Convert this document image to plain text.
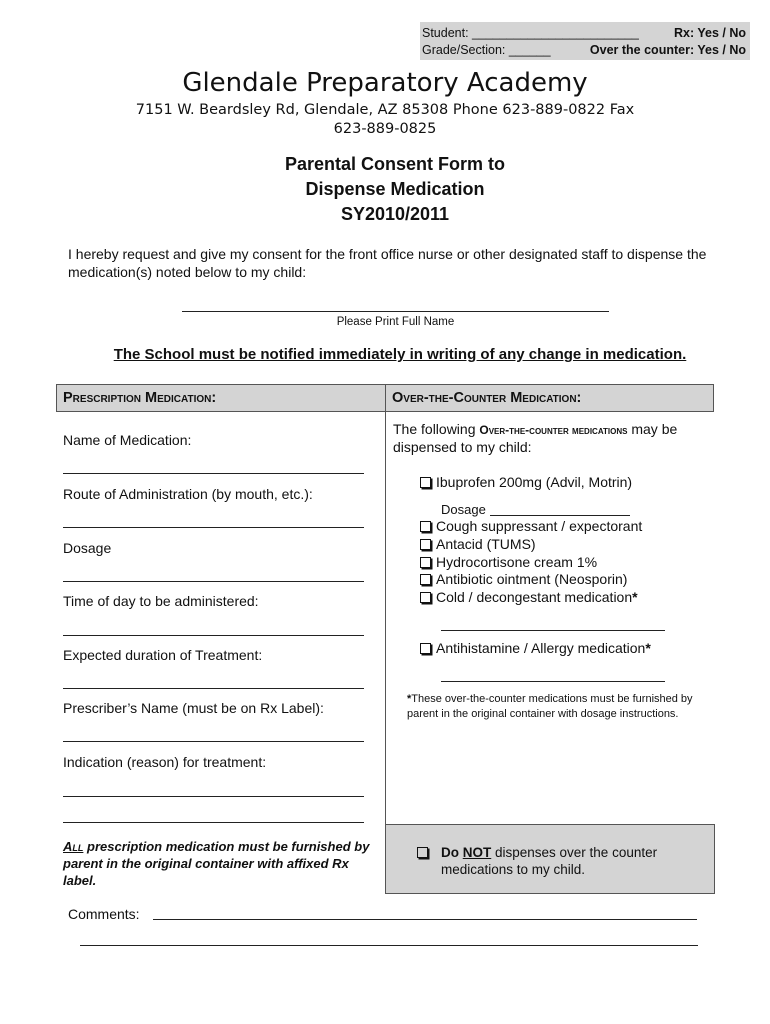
Student: ________________________	Rx: Yes / No
Grade/Section: ______	Over the counter: Yes / No
Glendale Preparatory Academy
7151 W. Beardsley Rd, Glendale, AZ 85308 Phone 623-889-0822 Fax
623-889-0825
Parental Consent Form to
Dispense Medication
SY2010/2011
I hereby request and give my consent for the front office nurse or other designated staff to dispense the medication(s) noted below to my child:
Please Print Full Name
The School must be notified immediately in writing of any change in medication.
Prescription Medication:	Over-the-Counter Medication:
Name of Medication:
Route of Administration (by mouth, etc.):
Dosage
Time of day to be administered:
Expected duration of Treatment:
Prescriber’s Name (must be on Rx Label):
Indication (reason) for treatment:
All prescription medication must be furnished by parent in the original container with affixed Rx label.
The following Over-the-counter medications may be dispensed to my child:
Ibuprofen 200mg (Advil, Motrin)
Dosage
Cough suppressant / expectorant
Antacid (TUMS)
Hydrocortisone cream 1%
Antibiotic ointment (Neosporin)
Cold / decongestant medication*
Antihistamine / Allergy medication*
*These over-the-counter medications must be furnished by parent in the original container with dosage instructions.
Do NOT dispenses over the counter medications to my child.
Comments:
